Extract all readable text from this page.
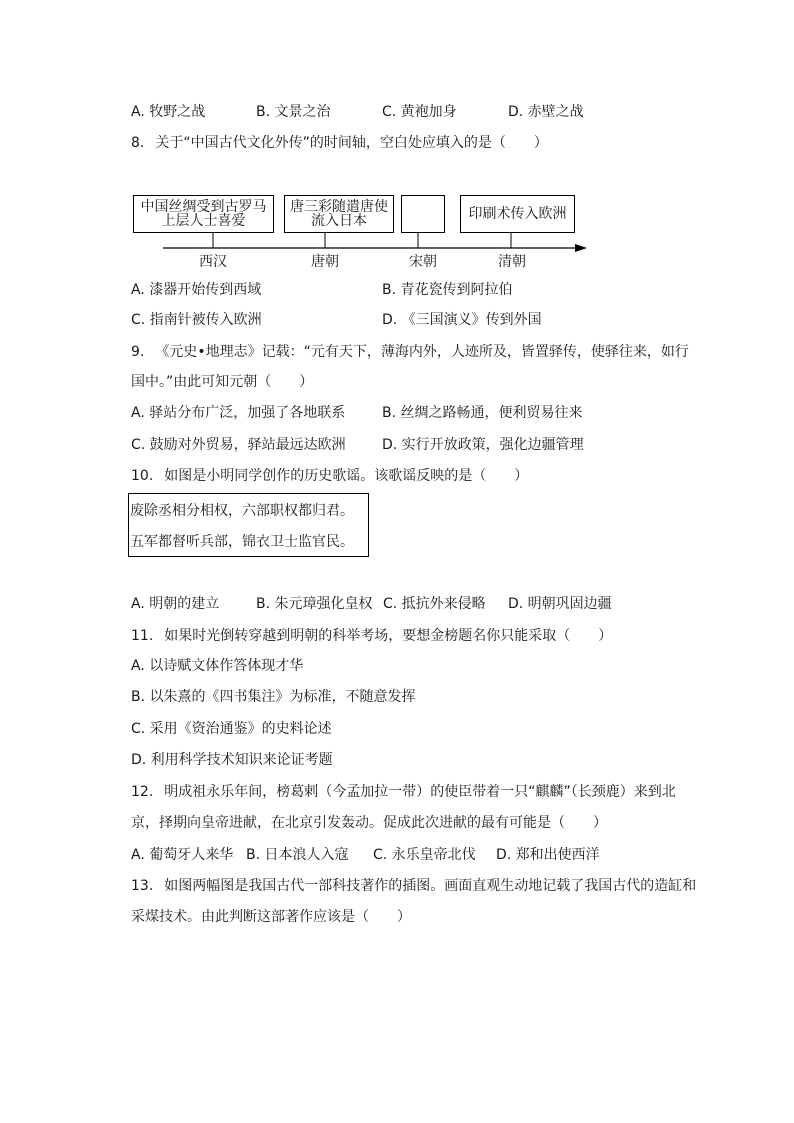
A. 牧野之战	B. 文景之治	C. 黄袍加身	D. 赤壁之战
8. 关于“中国古代文化外传”的时间轴，空白处应填入的是（　　）
中国丝绸受到古罗马
上层人士喜爱
唐三彩随遣唐使
流入日本	印刷术传入欧洲
西汉	唐朝	宋朝	清朝
A. 漆器开始传到西域	B. 青花瓷传到阿拉伯
C. 指南针被传入欧洲	D. 《三国演义》传到外国
9. 《元史•地理志》记载：“元有天下，薄海内外，人迹所及，皆置驿传，使驿往来，如行
国中。”由此可知元朝（　　）
A. 驿站分布广泛，加强了各地联系	B. 丝绸之路畅通，便利贸易往来
C. 鼓励对外贸易，驿站最远达欧洲	D. 实行开放政策，强化边疆管理
10. 如图是小明同学创作的历史歌谣。该歌谣反映的是（　　）
废除丞相分相权，六部职权都归君。
五军都督听兵部，锦衣卫士监官民。
A. 明朝的建立	B. 朱元璋强化皇权 C. 抵抗外来侵略 D. 明朝巩固边疆
11. 如果时光倒转穿越到明朝的科举考场，要想金榜题名你只能采取（　　）
A. 以诗赋文体作答体现才华
B. 以朱熹的《四书集注》为标准，不随意发挥
C. 采用《资治通鉴》的史料论述
D. 利用科学技术知识来论证考题
12. 明成祖永乐年间，榜葛剌（今孟加拉一带）的使臣带着一只“麒麟”（长颈鹿）来到北
京，择期向皇帝进献，在北京引发轰动。促成此次进献的最有可能是（　　）
A. 葡萄牙人来华 B. 日本浪人入寇 C. 永乐皇帝北伐 D. 郑和出使西洋
13. 如图两幅图是我国古代一部科技著作的插图。画面直观生动地记载了我国古代的造缸和
采煤技术。由此判断这部著作应该是（　　）
